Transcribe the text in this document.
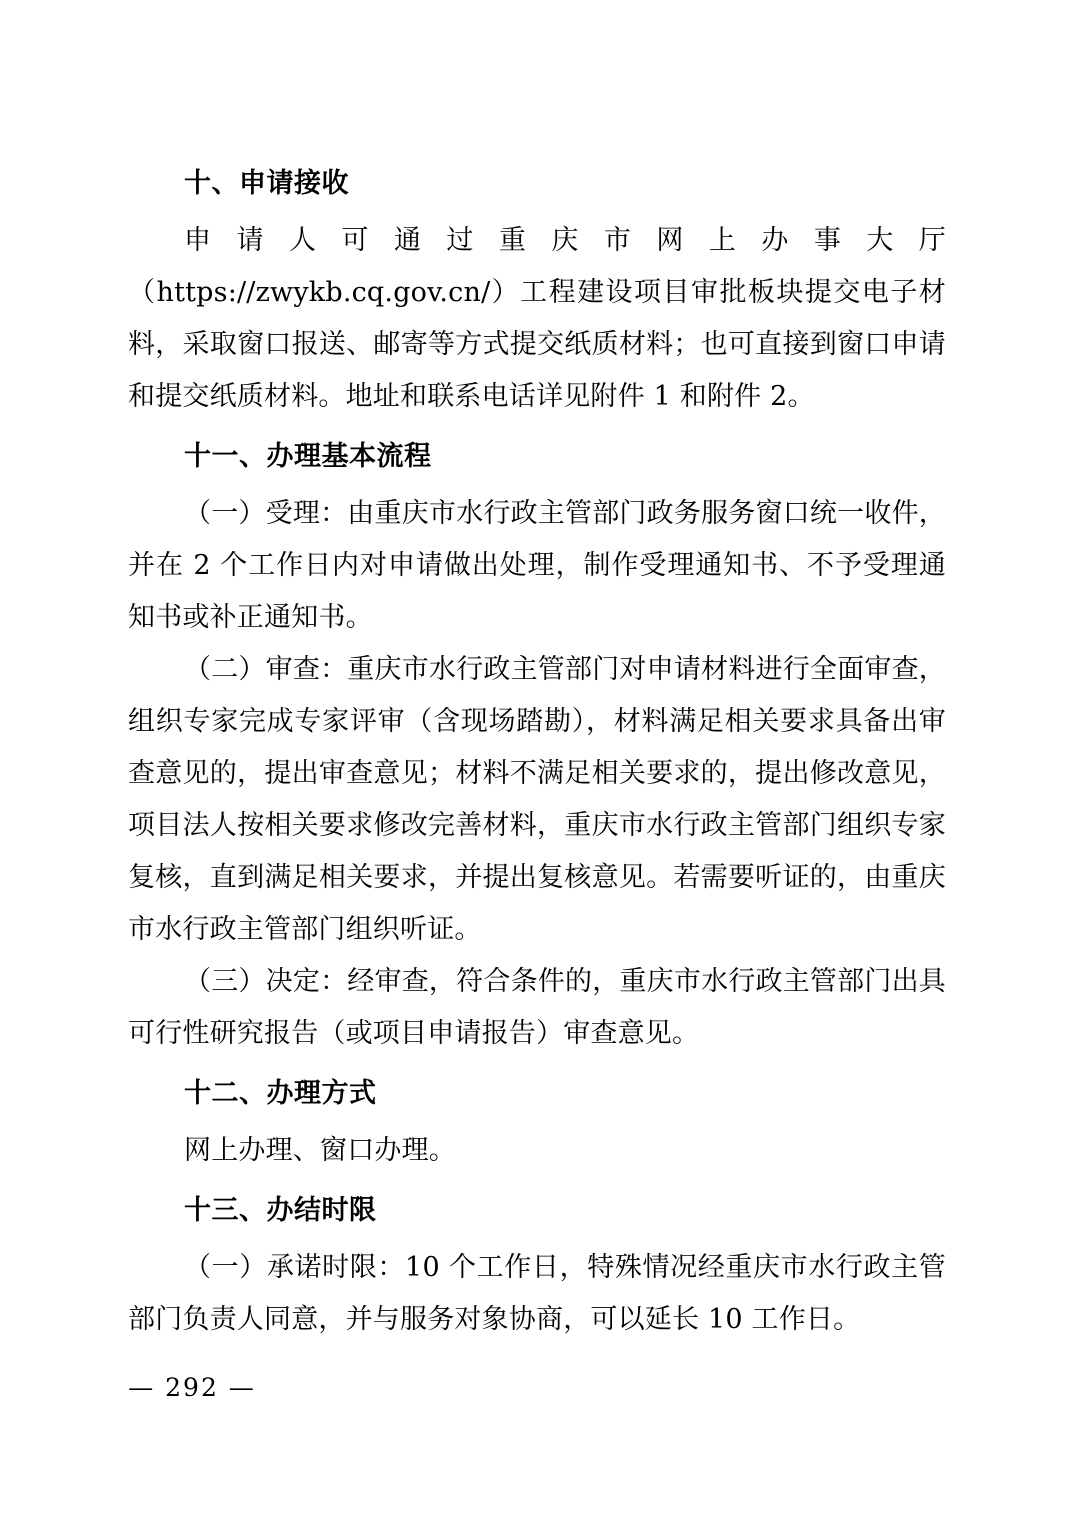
十、申请接收

申请人可通过重庆市网上办事大厅（https://zwykb.cq.gov.cn/）工程建设项目审批板块提交电子材料，采取窗口报送、邮寄等方式提交纸质材料；也可直接到窗口申请和提交纸质材料。地址和联系电话详见附件 1 和附件 2。

十一、办理基本流程

（一）受理：由重庆市水行政主管部门政务服务窗口统一收件，并在 2 个工作日内对申请做出处理，制作受理通知书、不予受理通知书或补正通知书。

（二）审查：重庆市水行政主管部门对申请材料进行全面审查，组织专家完成专家评审（含现场踏勘），材料满足相关要求具备出审查意见的，提出审查意见；材料不满足相关要求的，提出修改意见，项目法人按相关要求修改完善材料，重庆市水行政主管部门组织专家复核，直到满足相关要求，并提出复核意见。若需要听证的，由重庆市水行政主管部门组织听证。

（三）决定：经审查，符合条件的，重庆市水行政主管部门出具可行性研究报告（或项目申请报告）审查意见。

十二、办理方式

网上办理、窗口办理。

十三、办结时限

（一）承诺时限：10 个工作日，特殊情况经重庆市水行政主管部门负责人同意，并与服务对象协商，可以延长 10 工作日。

— 292 —
